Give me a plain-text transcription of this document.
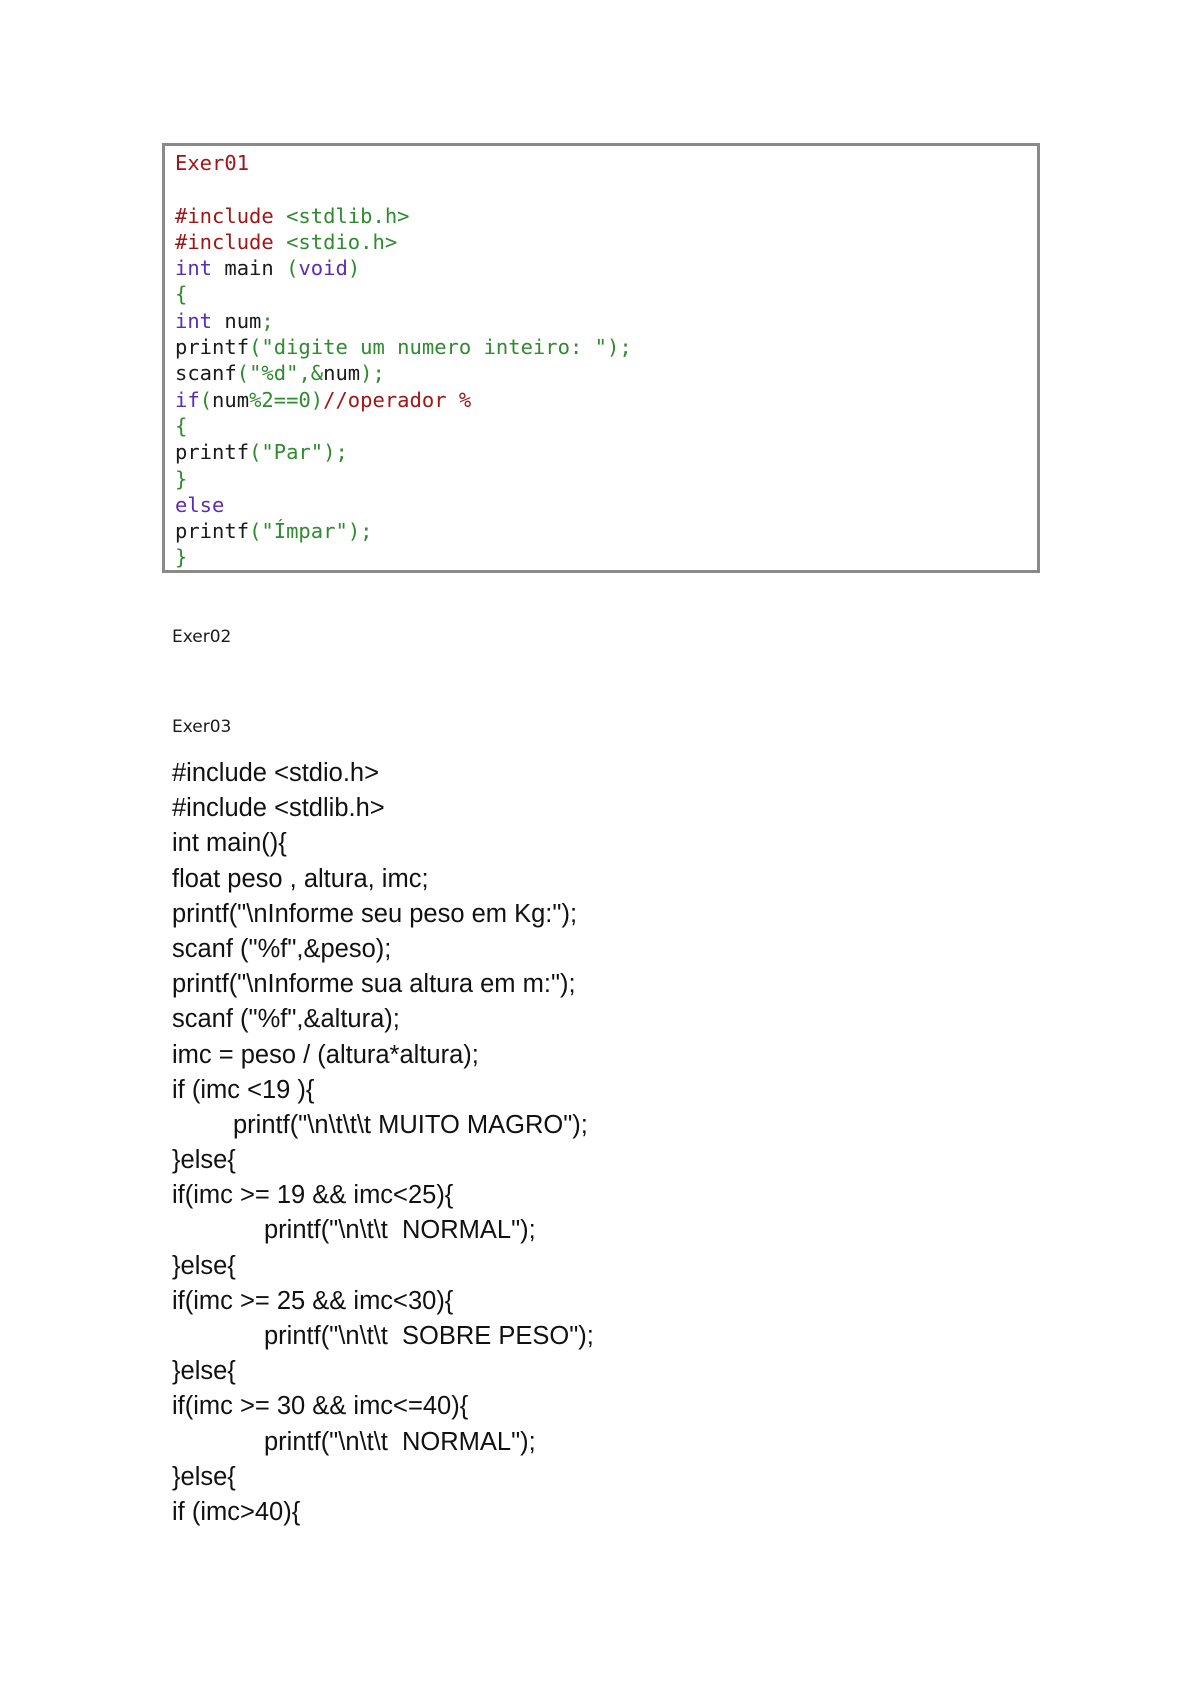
Exer01

#include <stdlib.h>
#include <stdio.h>
int main (void)
{
int num;
printf("digite um numero inteiro: ");
scanf("%d",&num);
if(num%2==0)//operador %
{
printf("Par");
}
else
printf("Ímpar");
}
Exer02
Exer03
#include <stdio.h>
#include <stdlib.h>
int main(){
float peso , altura, imc;
printf("\nInforme seu peso em Kg:");
scanf ("%f",&peso);
printf("\nInforme sua altura em m:");
scanf ("%f",&altura);
imc = peso / (altura*altura);
if (imc <19 ){
printf("\n\t\t\t MUITO MAGRO");
}else{
if(imc >= 19 && imc<25){
printf("\n\t\t  NORMAL");
}else{
if(imc >= 25 && imc<30){
printf("\n\t\t  SOBRE PESO");
}else{
if(imc >= 30 && imc<=40){
printf("\n\t\t  NORMAL");
}else{
if (imc>40){
